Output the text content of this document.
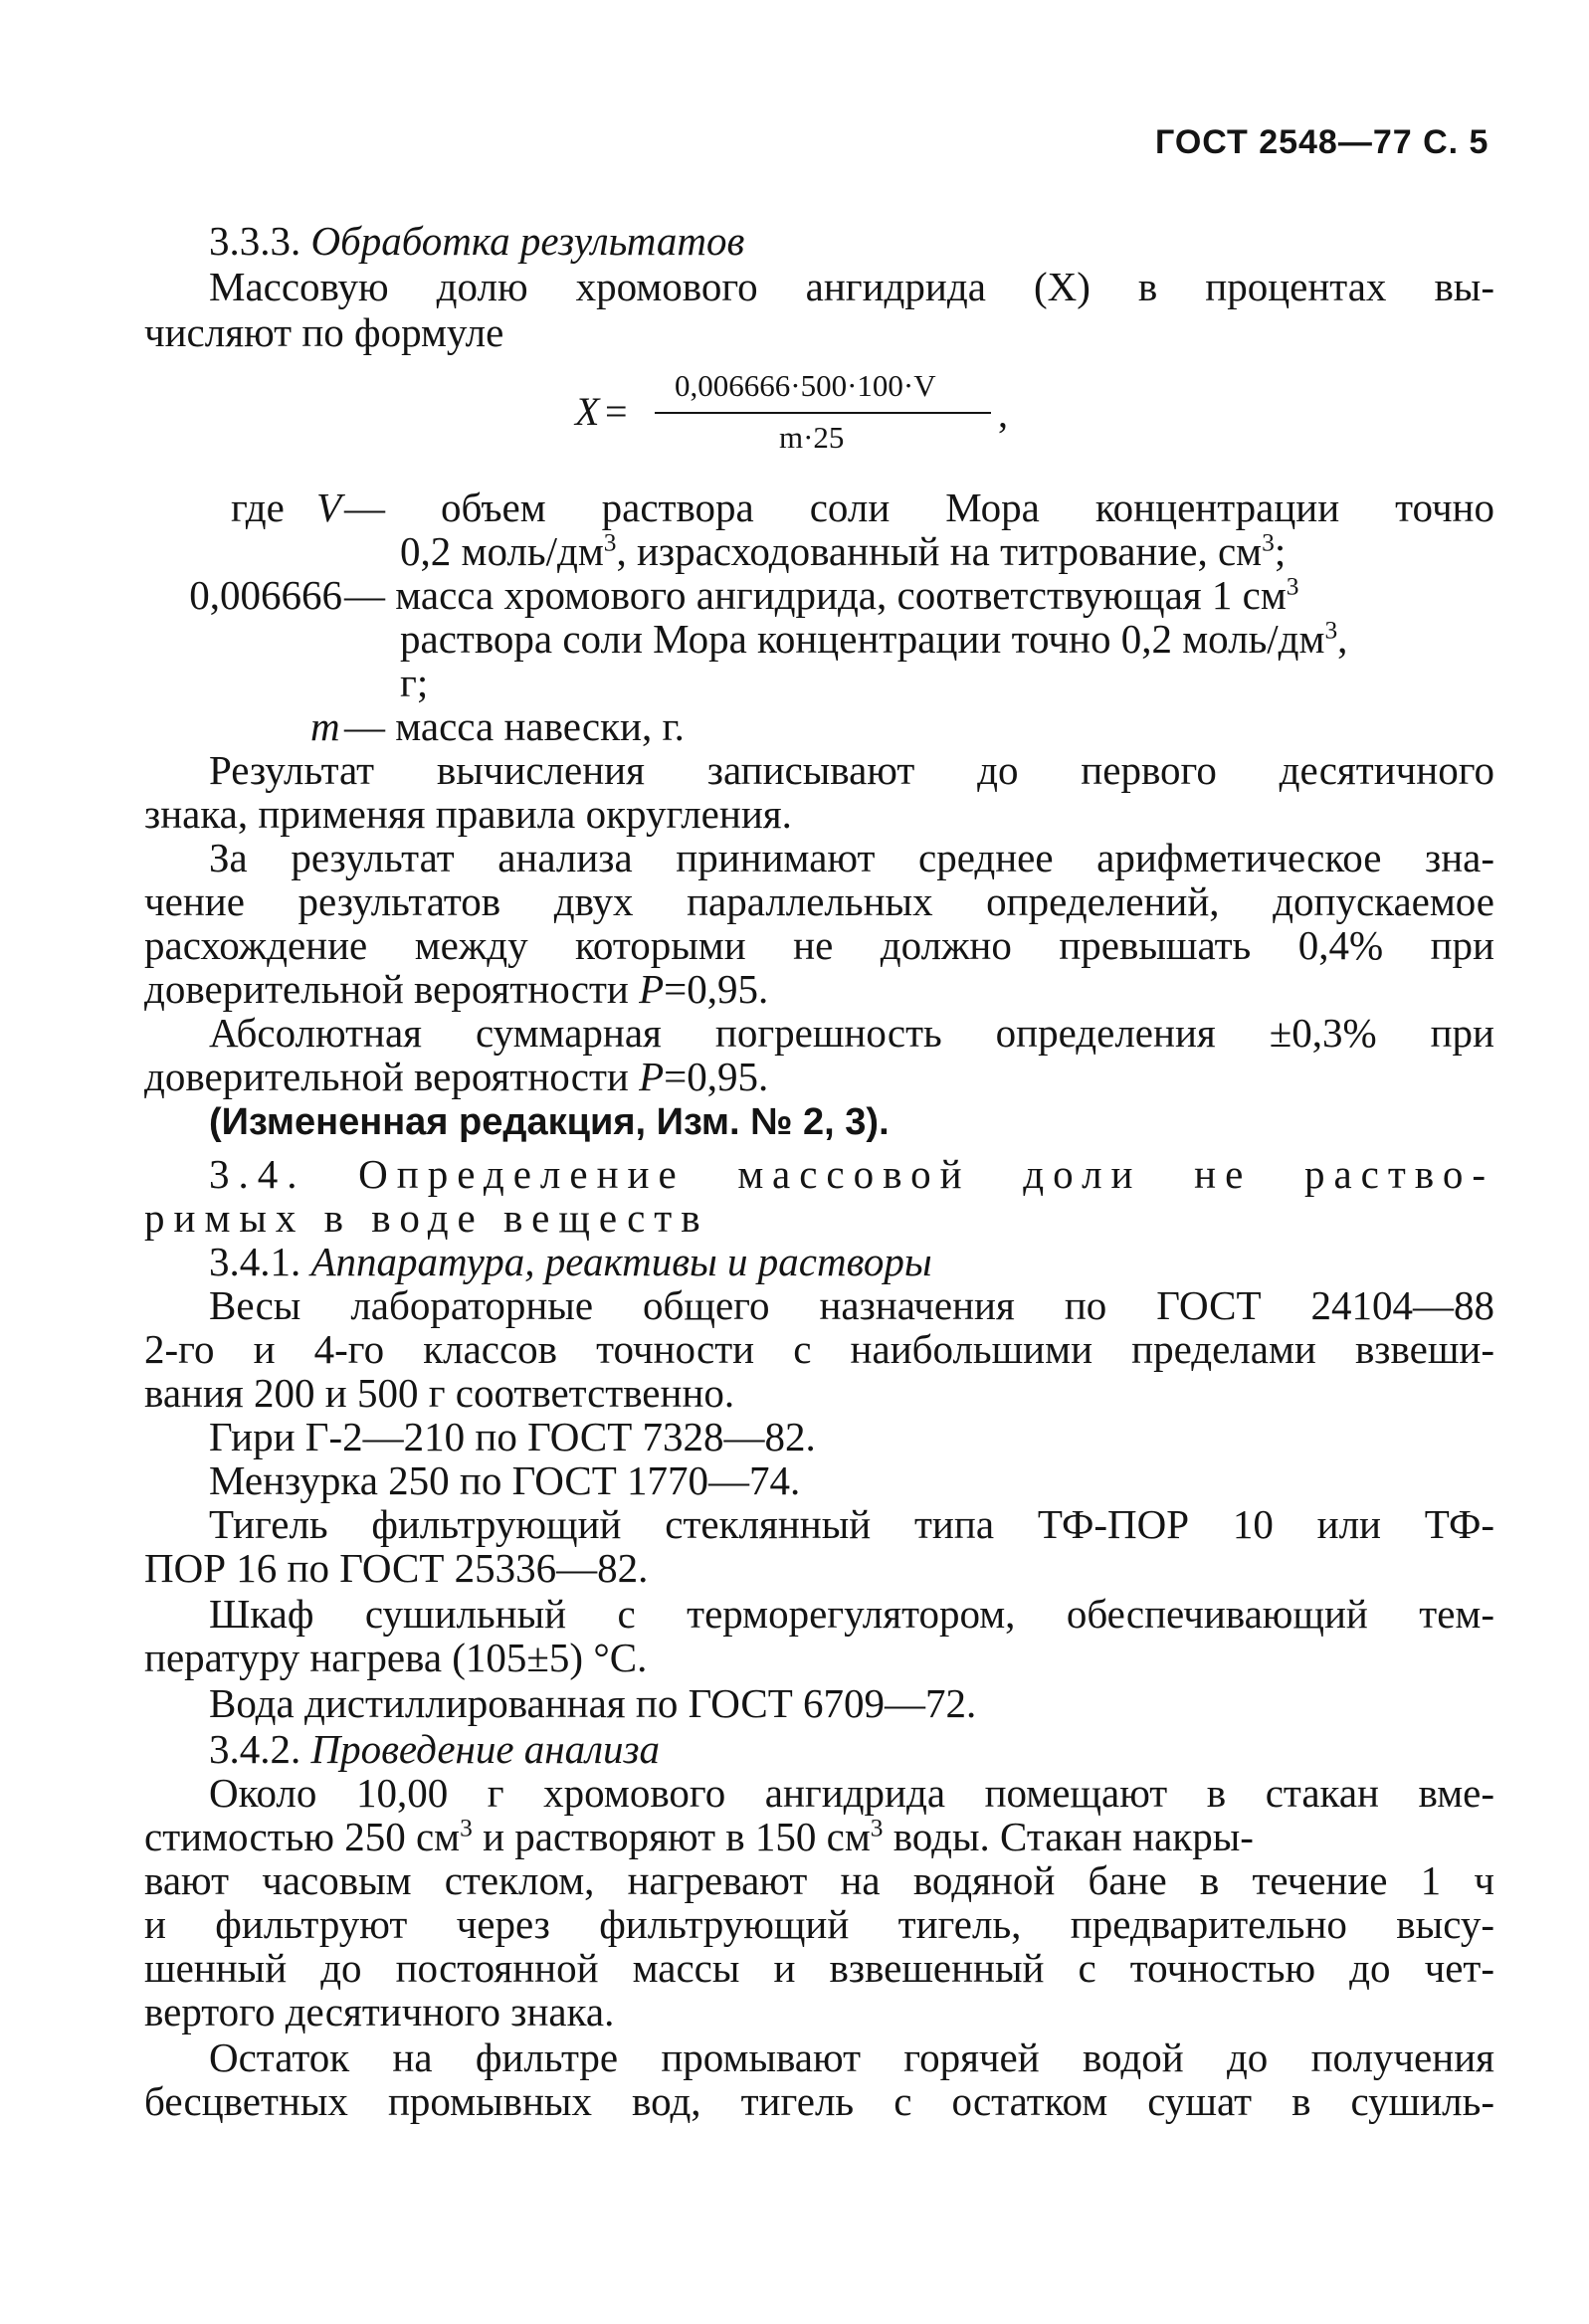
ГОСТ 2548—77 С. 5
3.3.3. Обработка результатов
Массовую долю хромового ангидрида (X) в процентах вы-
числяют по формуле
X =
0,006666·500·100·V
m·25
,
где V — объем раствора соли Мора концентрации точно
0,2 моль/$дм^3$, израсходованный на титрование, $см^3$;
0,006666 — масса хромового ангидрида, соответствующая 1 $см^3$
раствора соли Мора концентрации точно 0,2 моль/$дм^3$,
г;
m — масса навески, г.
Результат вычисления записывают до первого десятичного
знака, применяя правила округления.
За результат анализа принимают среднее арифметическое зна-
чение результатов двух параллельных определений, допускаемое
расхождение между которыми не должно превышать 0,4% при
доверительной вероятности P=0,95.
Абсолютная суммарная погрешность определения ±0,3% при
доверительной вероятности P=0,95.
(Измененная редакция, Изм. № 2, 3).
3.4. Определение массовой доли не раство-
римых в воде веществ
3.4.1. Аппаратура, реактивы и растворы
Весы лабораторные общего назначения по ГОСТ 24104—88
2-го и 4-го классов точности с наибольшими пределами взвеши-
вания 200 и 500 г соответственно.
Гири Г-2—210 по ГОСТ 7328—82.
Мензурка 250 по ГОСТ 1770—74.
Тигель фильтрующий стеклянный типа ТФ-ПОР 10 или ТФ-
ПОР 16 по ГОСТ 25336—82.
Шкаф сушильный с терморегулятором, обеспечивающий тем-
пературу нагрева (105±5) °С.
Вода дистиллированная по ГОСТ 6709—72.
3.4.2. Проведение анализа
Около 10,00 г хромового ангидрида помещают в стакан вме-
стимостью 250 $см^3$ и растворяют в 150 $см^3$ воды. Стакан накры-
вают часовым стеклом, нагревают на водяной бане в течение 1 ч
и фильтруют через фильтрующий тигель, предварительно высу-
шенный до постоянной массы и взвешенный с точностью до чет-
вертого десятичного знака.
Остаток на фильтре промывают горячей водой до получения
бесцветных промывных вод, тигель с остатком сушат в сушиль-
